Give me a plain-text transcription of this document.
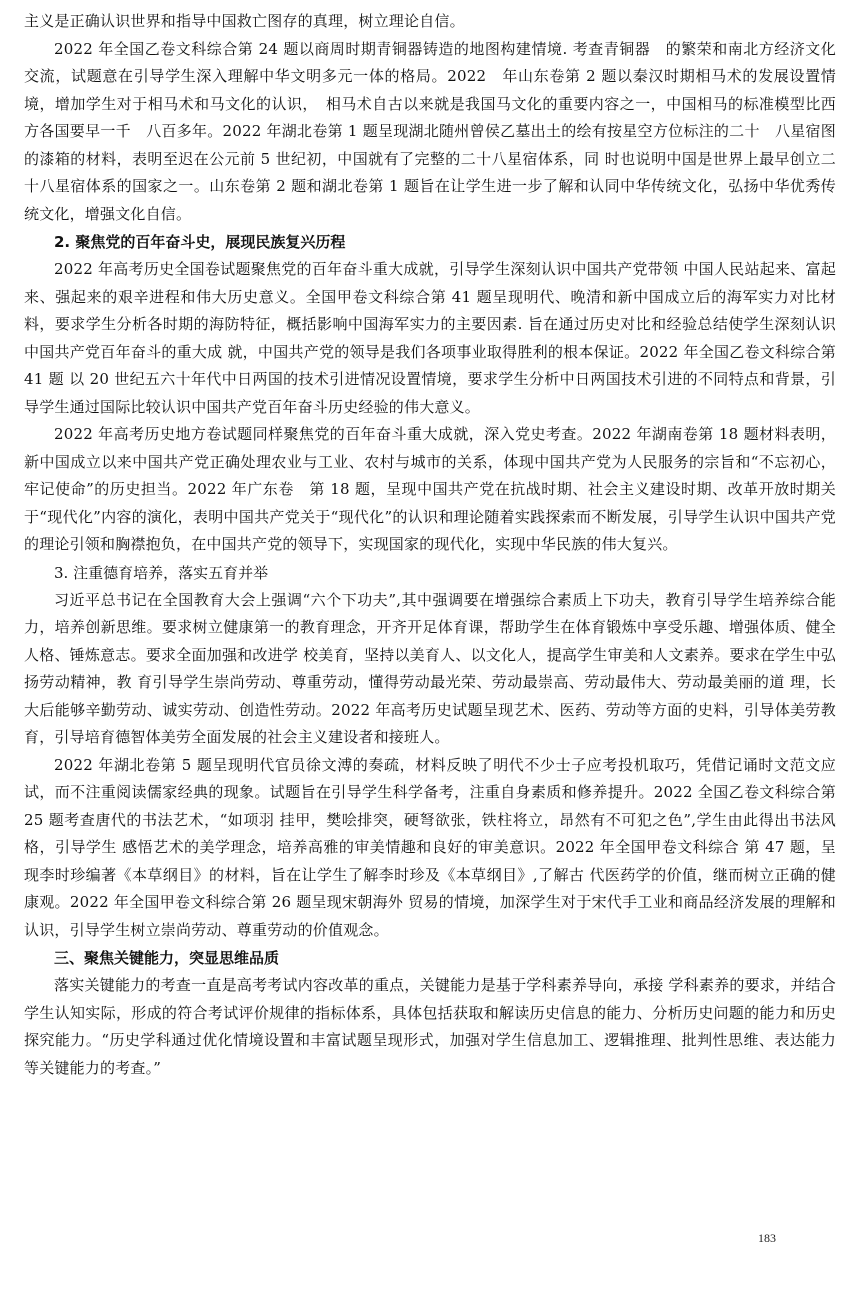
主义是正确认识世界和指导中国救亡图存的真理，树立理论自信。

2022 年全国乙卷文科综合第 24 题以商周时期青铜器铸造的地图构建情境. 考查青铜器　的繁荣和南北方经济文化交流，试题意在引导学生深入理解中华文明多元一体的格局。2022　年山东卷第 2 题以秦汉时期相马术的发展设置情境，增加学生对于相马术和马文化的认识，　相马术自古以来就是我国马文化的重要内容之一，中国相马的标准模型比西方各国要早一千　八百多年。2022 年湖北卷第 1 题呈现湖北随州曾侯乙墓出土的绘有按星空方位标注的二十　八星宿图的漆箱的材料，表明至迟在公元前 5 世纪初，中国就有了完整的二十八星宿体系，同 时也说明中国是世界上最早创立二十八星宿体系的国家之一。山东卷第 2 题和湖北卷第 1 题旨在让学生进一步了解和认同中华传统文化，弘扬中华优秀传统文化，增强文化自信。

2. 聚焦党的百年奋斗史，展现民族复兴历程

2022 年高考历史全国卷试题聚焦党的百年奋斗重大成就，引导学生深刻认识中国共产党带领 中国人民站起来、富起来、强起来的艰辛进程和伟大历史意义。全国甲卷文科综合第 41 题呈现明代、晚清和新中国成立后的海军实力对比材料，要求学生分析各时期的海防特征，概括影响中国海军实力的主要因素. 旨在通过历史对比和经验总结使学生深刻认识中国共产党百年奋斗的重大成 就，中国共产党的领导是我们各项事业取得胜利的根本保证。2022 年全国乙卷文科综合第 41 题 以 20 世纪五六十年代中日两国的技术引进情况设置情境，要求学生分析中日两国技术引进的不同特点和背景，引导学生通过国际比较认识中国共产党百年奋斗历史经验的伟大意义。

2022 年高考历史地方卷试题同样聚焦党的百年奋斗重大成就，深入党史考查。2022 年湖南卷第 18 题材料表明，新中国成立以来中国共产党正确处理农业与工业、农村与城市的关系，体现中国共产党为人民服务的宗旨和“不忘初心，牢记使命”的历史担当。2022 年广东卷　第 18 题，呈现中国共产党在抗战时期、社会主义建设时期、改革开放时期关于“现代化”内容的演化，表明中国共产党关于“现代化”的认识和理论随着实践探索而不断发展，引导学生认识中国共产党的理论引领和胸襟抱负，在中国共产党的领导下，实现国家的现代化，实现中华民族的伟大复兴。

3. 注重德育培养，落实五育并举

习近平总书记在全国教育大会上强调“六个下功夫”,其中强调要在增强综合素质上下功夫，教育引导学生培养综合能力，培养创新思维。要求树立健康第一的教育理念，开齐开足体育课，帮助学生在体育锻炼中享受乐趣、增强体质、健全人格、锤炼意志。要求全面加强和改进学 校美育，坚持以美育人、以文化人，提高学生审美和人文素养。要求在学生中弘扬劳动精神，教 育引导学生崇尚劳动、尊重劳动，懂得劳动最光荣、劳动最崇高、劳动最伟大、劳动最美丽的道 理，长大后能够辛勤劳动、诚实劳动、创造性劳动。2022 年高考历史试题呈现艺术、医药、劳动等方面的史料，引导体美劳教育，引导培育德智体美劳全面发展的社会主义建设者和接班人。

2022 年湖北卷第 5 题呈现明代官员徐文溥的奏疏，材料反映了明代不少士子应考投机取巧，凭借记诵时文范文应试，而不注重阅读儒家经典的现象。试题旨在引导学生科学备考，注重自身素质和修养提升。2022 全国乙卷文科综合第 25 题考查唐代的书法艺术，“如项羽 挂甲，樊哙排突，硬弩欲张，铁柱将立，昂然有不可犯之色”,学生由此得出书法风格，引导学生 感悟艺术的美学理念，培养高雅的审美情趣和良好的审美意识。2022 年全国甲卷文科综合 第 47 题，呈现李时珍编著《本草纲目》的材料，旨在让学生了解李时珍及《本草纲目》,了解古 代医药学的价值，继而树立正确的健康观。2022 年全国甲卷文科综合第 26 题呈现宋朝海外 贸易的情境，加深学生对于宋代手工业和商品经济发展的理解和认识，引导学生树立崇尚劳动、尊重劳动的价值观念。

三、聚焦关键能力，突显思维品质

落实关键能力的考查一直是高考考试内容改革的重点，关键能力是基于学科素养导向，承接 学科素养的要求，并结合学生认知实际，形成的符合考试评价规律的指标体系，具体包括获取和解读历史信息的能力、分析历史问题的能力和历史探究能力。“历史学科通过优化情境设置和丰富试题呈现形式，加强对学生信息加工、逻辑推理、批判性思维、表达能力等关键能力的考查。”

183
